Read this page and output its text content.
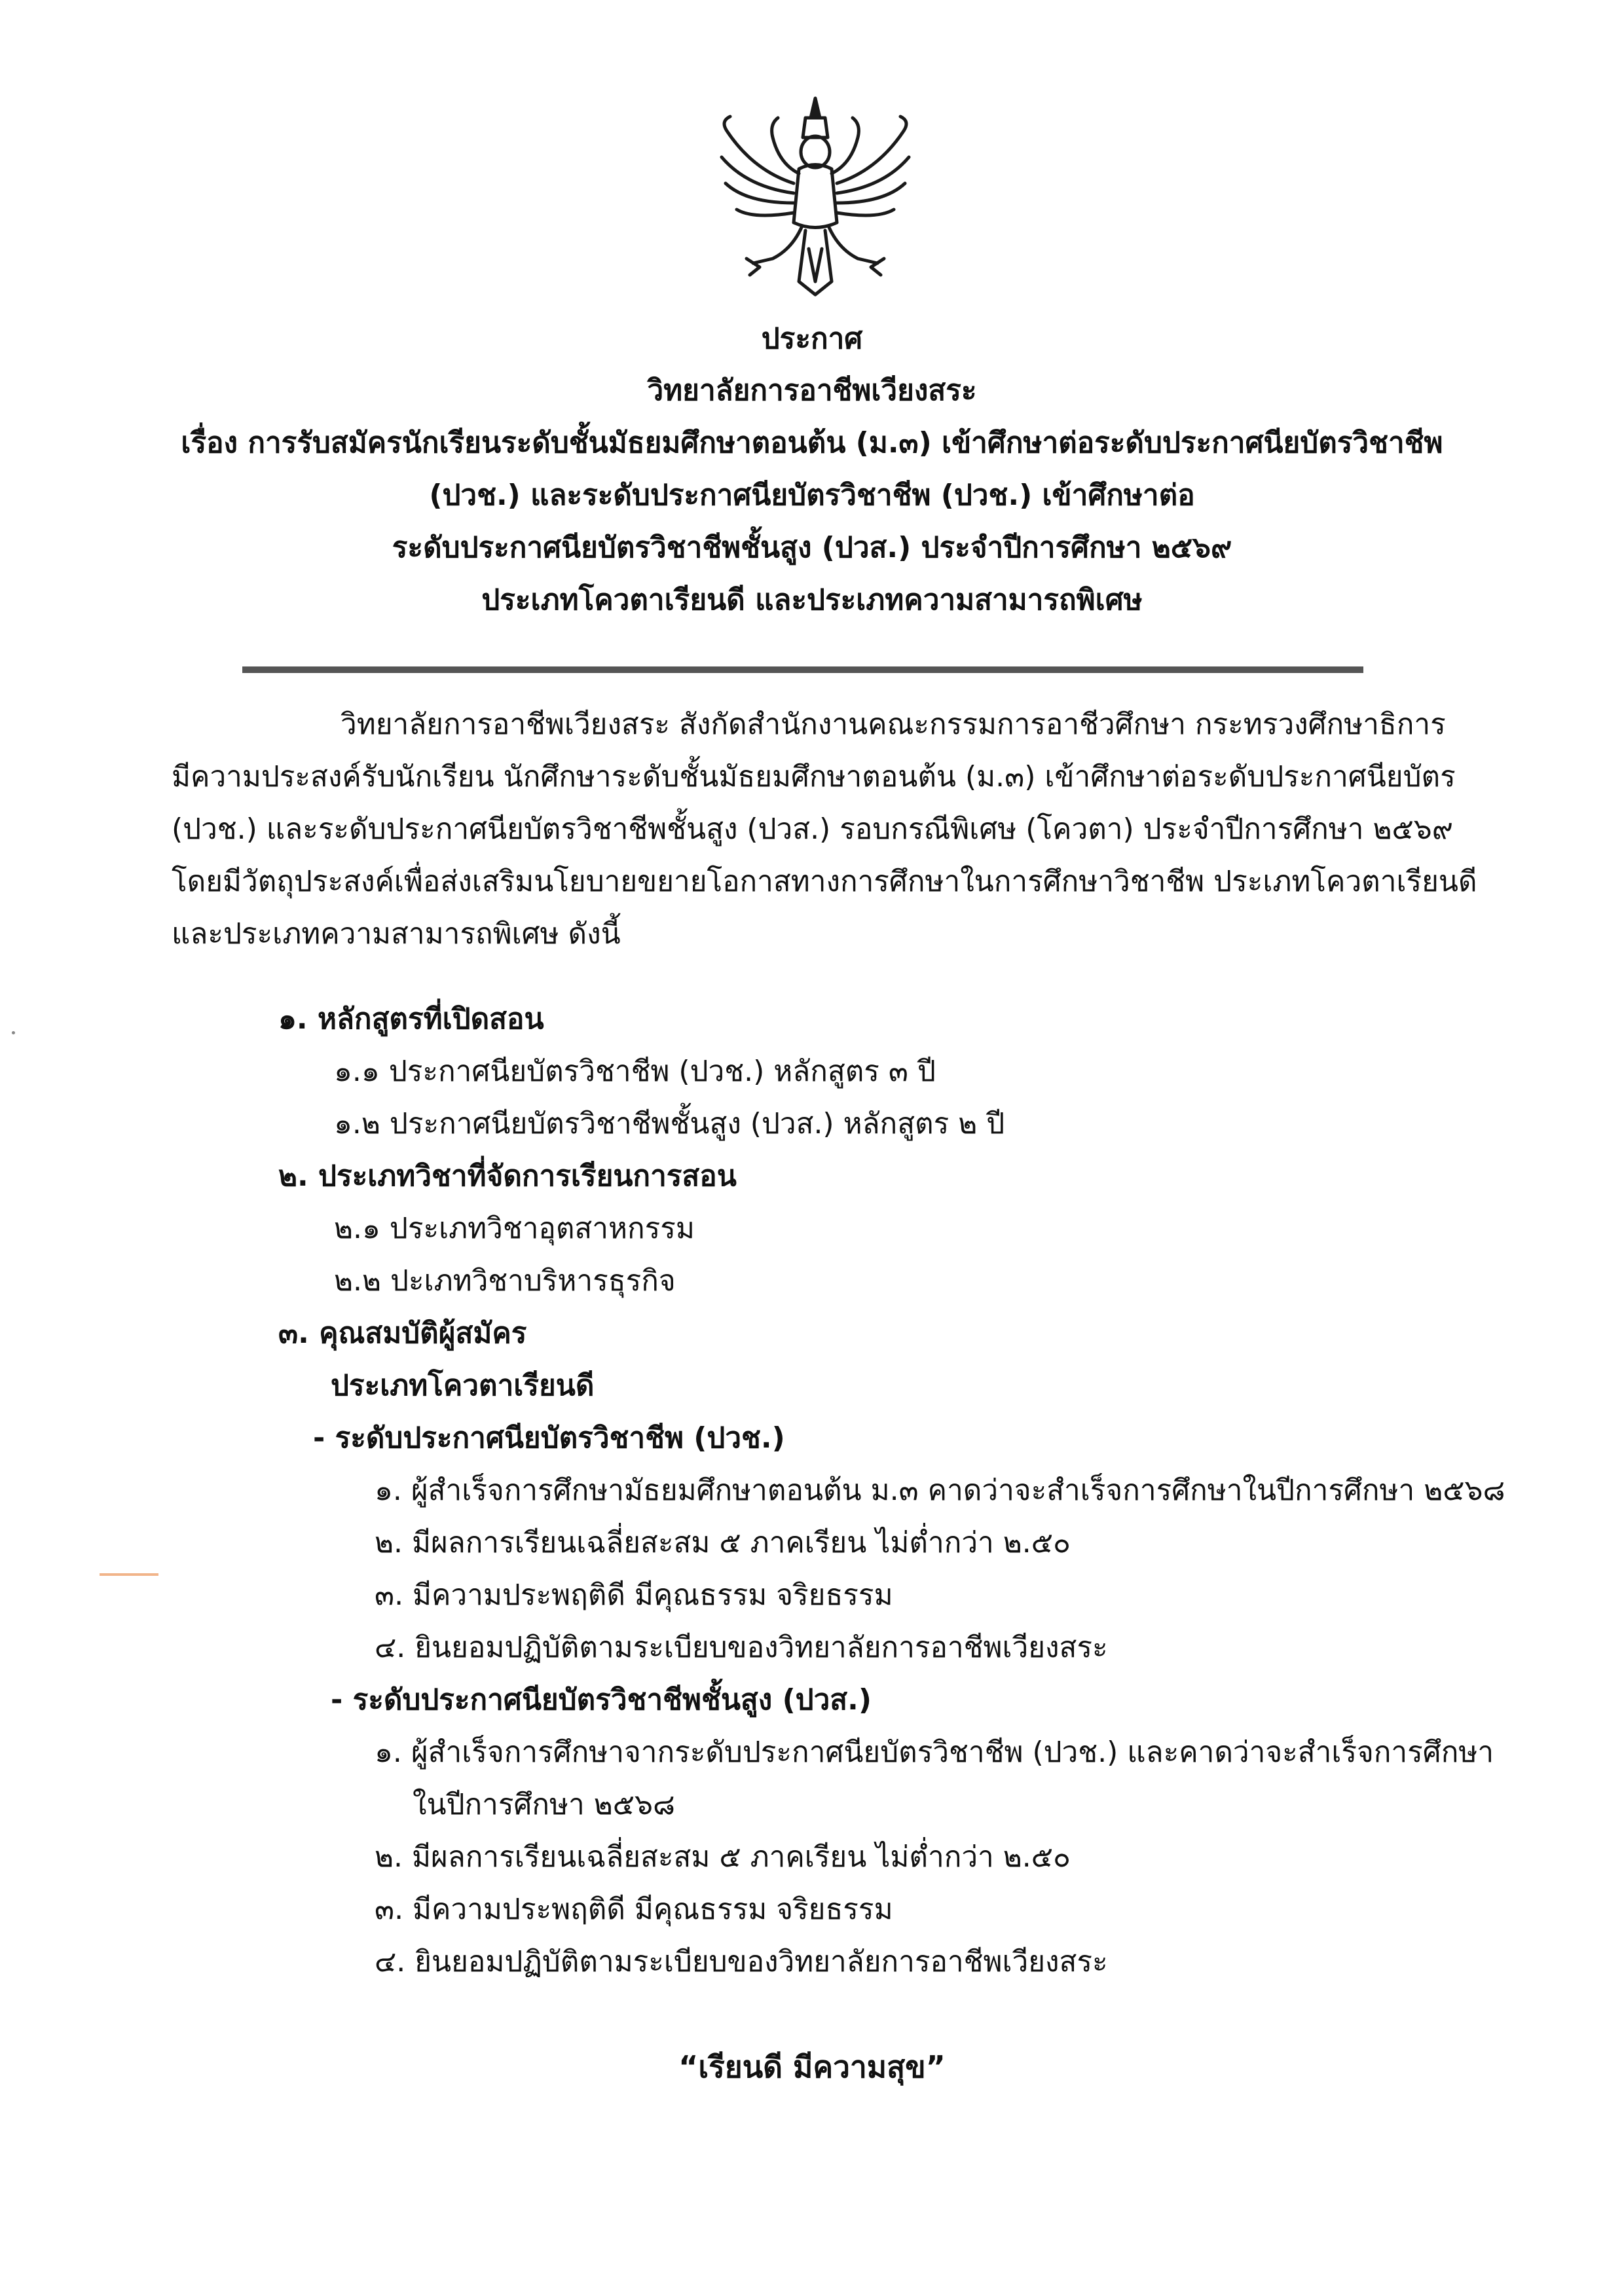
ประกาศ
วิทยาลัยการอาชีพเวียงสระ
เรื่อง การรับสมัครนักเรียนระดับชั้นมัธยมศึกษาตอนต้น (ม.๓) เข้าศึกษาต่อระดับประกาศนียบัตรวิชาชีพ
(ปวช.) และระดับประกาศนียบัตรวิชาชีพ (ปวช.) เข้าศึกษาต่อ
ระดับประกาศนียบัตรวิชาชีพชั้นสูง (ปวส.) ประจำปีการศึกษา ๒๕๖๙
ประเภทโควตาเรียนดี และประเภทความสามารถพิเศษ
วิทยาลัยการอาชีพเวียงสระ สังกัดสำนักงานคณะกรรมการอาชีวศึกษา กระทรวงศึกษาธิการ
มีความประสงค์รับนักเรียน นักศึกษาระดับชั้นมัธยมศึกษาตอนต้น (ม.๓) เข้าศึกษาต่อระดับประกาศนียบัตร
(ปวช.) และระดับประกาศนียบัตรวิชาชีพชั้นสูง (ปวส.) รอบกรณีพิเศษ (โควตา) ประจำปีการศึกษา ๒๕๖๙
โดยมีวัตถุประสงค์เพื่อส่งเสริมนโยบายขยายโอกาสทางการศึกษาในการศึกษาวิชาชีพ ประเภทโควตาเรียนดี
และประเภทความสามารถพิเศษ ดังนี้
๑. หลักสูตรที่เปิดสอน
๑.๑ ประกาศนียบัตรวิชาชีพ (ปวช.) หลักสูตร ๓ ปี
๑.๒ ประกาศนียบัตรวิชาชีพชั้นสูง (ปวส.) หลักสูตร ๒ ปี
๒. ประเภทวิชาที่จัดการเรียนการสอน
๒.๑ ประเภทวิชาอุตสาหกรรม
๒.๒ ปะเภทวิชาบริหารธุรกิจ
๓. คุณสมบัติผู้สมัคร
ประเภทโควตาเรียนดี
- ระดับประกาศนียบัตรวิชาชีพ (ปวช.)
๑. ผู้สำเร็จการศึกษามัธยมศึกษาตอนต้น ม.๓ คาดว่าจะสำเร็จการศึกษาในปีการศึกษา ๒๕๖๘
๒. มีผลการเรียนเฉลี่ยสะสม ๕ ภาคเรียน ไม่ต่ำกว่า ๒.๕๐
๓. มีความประพฤติดี มีคุณธรรม จริยธรรม
๔. ยินยอมปฏิบัติตามระเบียบของวิทยาลัยการอาชีพเวียงสระ
- ระดับประกาศนียบัตรวิชาชีพชั้นสูง (ปวส.)
๑. ผู้สำเร็จการศึกษาจากระดับประกาศนียบัตรวิชาชีพ (ปวช.) และคาดว่าจะสำเร็จการศึกษา
ในปีการศึกษา ๒๕๖๘
๒. มีผลการเรียนเฉลี่ยสะสม ๕ ภาคเรียน ไม่ต่ำกว่า ๒.๕๐
๓. มีความประพฤติดี มีคุณธรรม จริยธรรม
๔. ยินยอมปฏิบัติตามระเบียบของวิทยาลัยการอาชีพเวียงสระ
“เรียนดี มีความสุข”
